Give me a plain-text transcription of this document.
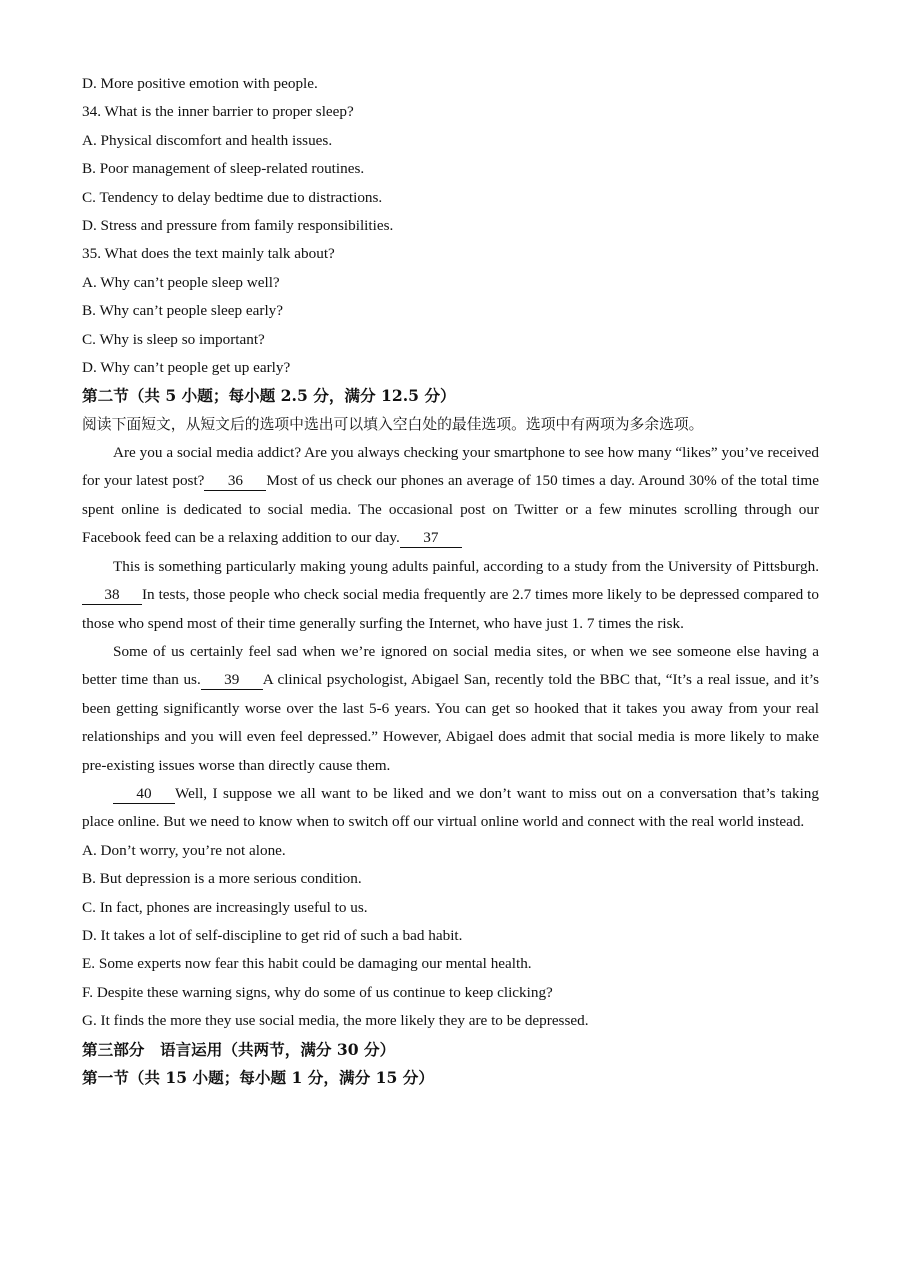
D. More positive emotion with people.
34. What is the inner barrier to proper sleep?
A. Physical discomfort and health issues.
B. Poor management of sleep-related routines.
C. Tendency to delay bedtime due to distractions.
D. Stress and pressure from family responsibilities.
35. What does the text mainly talk about?
A. Why can’t people sleep well?
B. Why can’t people sleep early?
C. Why is sleep so important?
D. Why can’t people get up early?
第二节（共 5 小题；每小题 2.5 分，满分 12.5 分）
阅读下面短文，从短文后的选项中选出可以填入空白处的最佳选项。选项中有两项为多余选项。

Are you a social media addict? Are you always checking your smartphone to see how many “likes” you’ve received for your latest post? 36 Most of us check our phones an average of 150 times a day. Around 30% of the total time spent online is dedicated to social media. The occasional post on Twitter or a few minutes scrolling through our Facebook feed can be a relaxing addition to our day. 37

This is something particularly making young adults painful, according to a study from the University of Pittsburgh.38 In tests, those people who check social media frequently are 2.7 times more likely to be depressed compared to those who spend most of their time generally surfing the Internet, who have just 1. 7 times the risk.

Some of us certainly feel sad when we’re ignored on social media sites, or when we see someone else having a better time than us. 39 A clinical psychologist, Abigael San, recently told the BBC that, “It’s a real issue, and it’s been getting significantly worse over the last 5-6 years. You can get so hooked that it takes you away from your real relationships and you will even feel depressed.” However, Abigael does admit that social media is more likely to make pre-existing issues worse than directly cause them.

40 Well, I suppose we all want to be liked and we don’t want to miss out on a conversation that’s taking place online. But we need to know when to switch off our virtual online world and connect with the real world instead.

A. Don’t worry, you’re not alone.
B. But depression is a more serious condition.
C. In fact, phones are increasingly useful to us.
D. It takes a lot of self-discipline to get rid of such a bad habit.
E. Some experts now fear this habit could be damaging our mental health.
F. Despite these warning signs, why do some of us continue to keep clicking?
G. It finds the more they use social media, the more likely they are to be depressed.
第三部分　语言运用（共两节，满分 30 分）
第一节（共 15 小题；每小题 1 分，满分 15 分）
